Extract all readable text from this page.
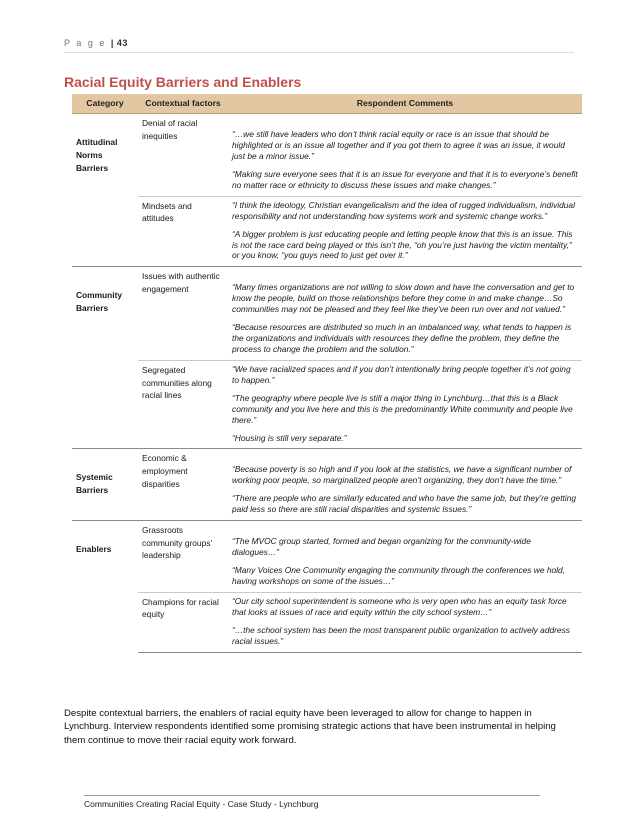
P a g e | 43
Racial Equity Barriers and Enablers
Category	Contextual factors	Respondent Comments
Attitudinal Norms Barriers	Denial of racial inequities	“…we still have leaders who don’t think racial equity or race is an issue that should be highlighted or is an issue all together and if you got them to agree it was an issue, it would just be a minor issue.”

“Making sure everyone sees that it is an issue for everyone and that it is to everyone’s benefit no matter race or ethnicity to discuss these issues and make changes.”

	Mindsets and attitudes	“I think the ideology, Christian evangelicalism and the idea of rugged individualism, individual responsibility and not understanding how systems work and systemic change works.”

“A bigger problem is just educating people and letting people know that this is an issue. This is not the race card being played or this isn’t the, “oh you’re just having the victim mentality,” or you know, “you guys need to just get over it.”

Community Barriers	Issues with authentic engagement	“Many times organizations are not willing to slow down and have the conversation and get to know the people, build on those relationships before they come in and make change…So communities may not be pleased and they feel like they’ve been run over and not valued.”

“Because resources are distributed so much in an imbalanced way, what tends to happen is the organizations and individuals with resources they define the problem, they define the process to change the problem and the solution.”

	Segregated communities along racial lines	“We have racialized spaces and if you don’t intentionally bring people together it’s not going to happen.”

“The geography where people live is still a major thing in Lynchburg…that this is a Black community and you live here and this is the predominantly White community and people live there.”

“Housing is still very separate.”

Systemic Barriers	Economic & employment disparities	“Because poverty is so high and if you look at the statistics, we have a significant number of working poor people, so marginalized people aren’t organizing, they don’t have the time.”

“There are people who are similarly educated and who have the same job, but they’re getting paid less so there are still racial disparities and systemic issues.”

Enablers	Grassroots community groups’ leadership	“The MVOC group started, formed and began organizing for the community-wide dialogues…”

“Many Voices One Community engaging the community through the conferences we hold, having workshops on some of the issues…”

	Champions for racial equity	“Our city school superintendent is someone who is very open who has an equity task force that looks at issues of race and equity within the city school system…”

“…the school system has been the most transparent public organization to actively address racial issues.”

Despite contextual barriers, the enablers of racial equity have been leveraged to allow for change to happen in Lynchburg. Interview respondents identified some promising strategic actions that have been instrumental in helping them continue to move their racial equity work forward.
Communities Creating Racial Equity - Case Study - Lynchburg
